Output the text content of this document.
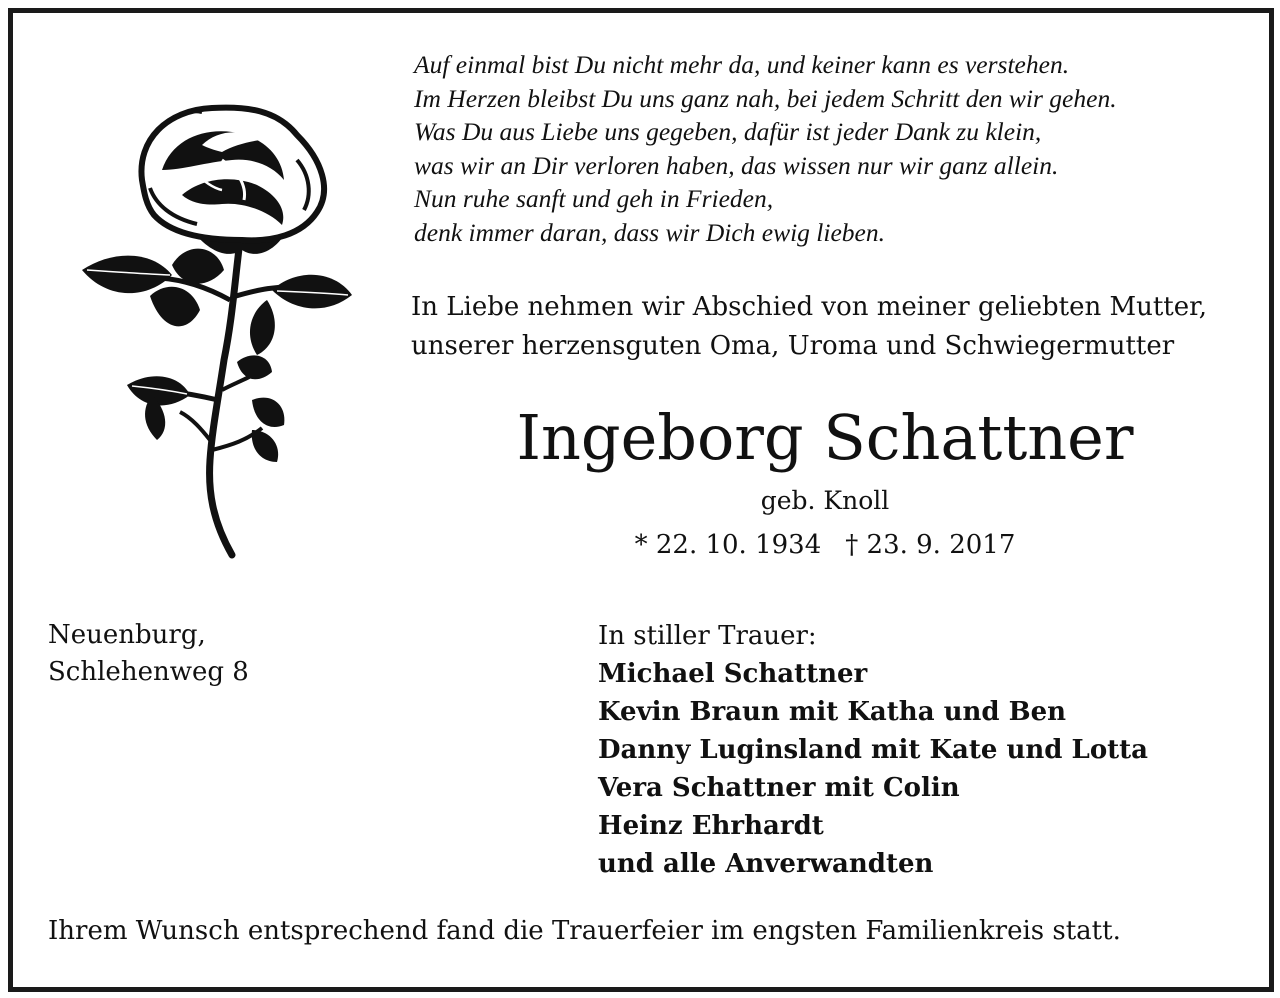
Auf einmal bist Du nicht mehr da, und keiner kann es verstehen.
Im Herzen bleibst Du uns ganz nah, bei jedem Schritt den wir gehen.
Was Du aus Liebe uns gegeben, dafür ist jeder Dank zu klein,
was wir an Dir verloren haben, das wissen nur wir ganz allein.
Nun ruhe sanft und geh in Frieden,
denk immer daran, dass wir Dich ewig lieben.
In Liebe nehmen wir Abschied von meiner geliebten Mutter,
unserer herzensguten Oma, Uroma und Schwiegermutter
Ingeborg Schattner
geb. Knoll
* 22. 10. 1934 † 23. 9. 2017
Neuenburg,
Schlehenweg 8
In stiller Trauer:
Michael Schattner
Kevin Braun mit Katha und Ben
Danny Luginsland mit Kate und Lotta
Vera Schattner mit Colin
Heinz Ehrhardt
und alle Anverwandten
Ihrem Wunsch entsprechend fand die Trauerfeier im engsten Familienkreis statt.
